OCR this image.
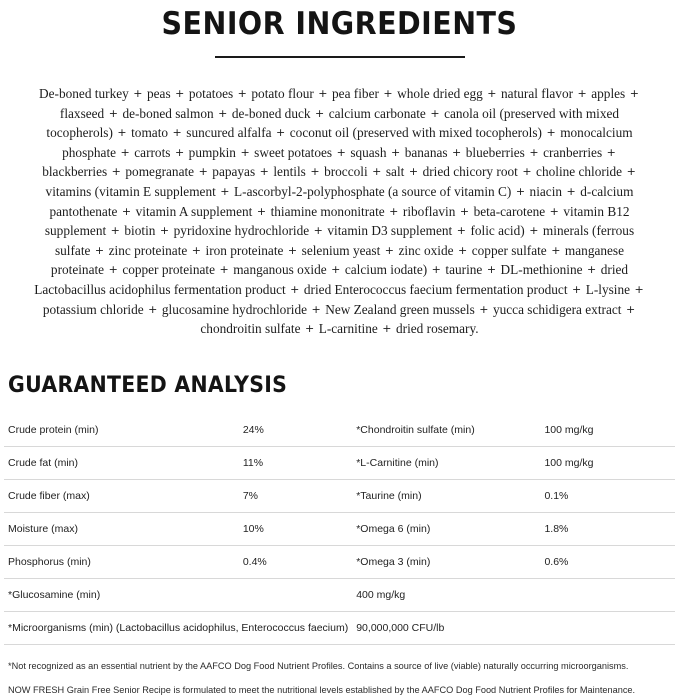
SENIOR INGREDIENTS

De-boned turkey + peas + potatoes + potato flour + pea fiber + whole dried egg + natural flavor + apples + flaxseed + de-boned salmon + de-boned duck + calcium carbonate + canola oil (preserved with mixed tocopherols) + tomato + suncured alfalfa + coconut oil (preserved with mixed tocopherols) + monocalcium phosphate + carrots + pumpkin + sweet potatoes + squash + bananas + blueberries + cranberries + blackberries + pomegranate + papayas + lentils + broccoli + salt + dried chicory root + choline chloride + vitamins (vitamin E supplement + L-ascorbyl-2-polyphosphate (a source of vitamin C) + niacin + d-calcium pantothenate + vitamin A supplement + thiamine mononitrate + riboflavin + beta-carotene + vitamin B12 supplement + biotin + pyridoxine hydrochloride + vitamin D3 supplement + folic acid) + minerals (ferrous sulfate + zinc proteinate + iron proteinate + selenium yeast + zinc oxide + copper sulfate + manganese proteinate + copper proteinate + manganous oxide + calcium iodate) + taurine + DL-methionine + dried Lactobacillus acidophilus fermentation product + dried Enterococcus faecium fermentation product + L-lysine + potassium chloride + glucosamine hydrochloride + New Zealand green mussels + yucca schidigera extract + chondroitin sulfate + L-carnitine + dried rosemary.

GUARANTEED ANALYSIS
Crude protein (min)	24%	*Chondroitin sulfate (min)	100 mg/kg
Crude fat (min)	11%	*L-Carnitine (min)	100 mg/kg
Crude fiber (max)	7%	*Taurine (min)	0.1%
Moisture (max)	10%	*Omega 6 (min)	1.8%
Phosphorus (min)	0.4%	*Omega 3 (min)	0.6%
*Glucosamine (min)		400 mg/kg	
*Microorganisms (min) (Lactobacillus acidophilus, Enterococcus faecium)		90,000,000 CFU/lb	

*Not recognized as an essential nutrient by the AAFCO Dog Food Nutrient Profiles. Contains a source of live (viable) naturally occurring microorganisms.

NOW FRESH Grain Free Senior Recipe is formulated to meet the nutritional levels established by the AAFCO Dog Food Nutrient Profiles for Maintenance.
